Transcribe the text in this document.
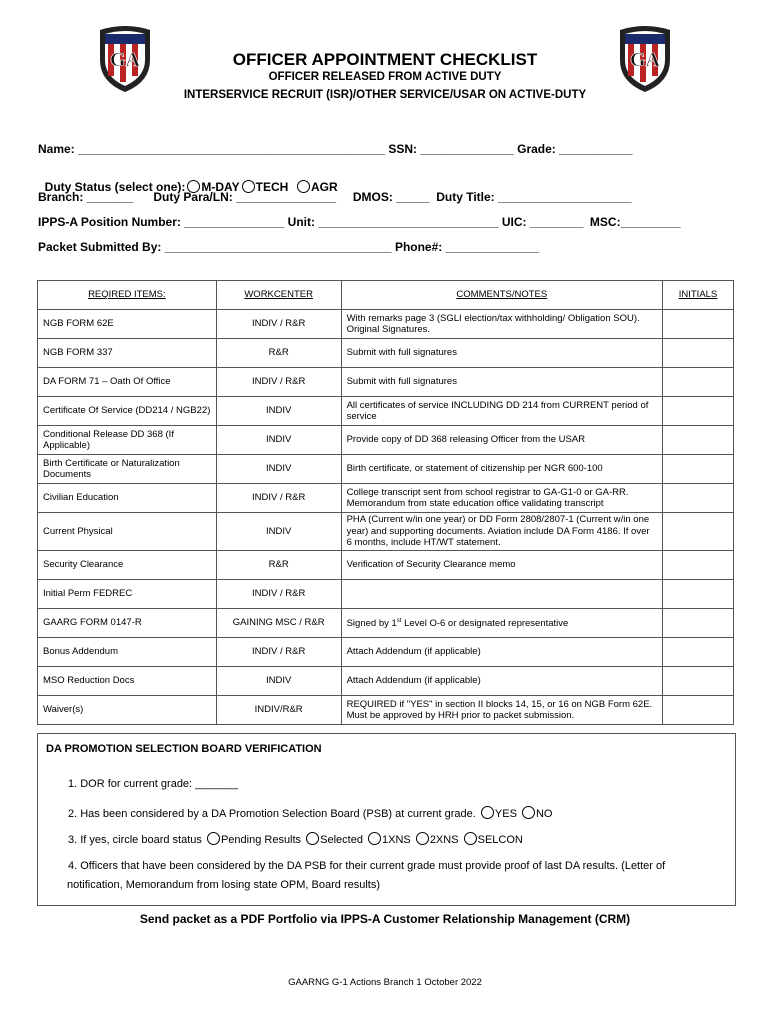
GA	GA
OFFICER APPOINTMENT CHECKLIST
OFFICER RELEASED FROM ACTIVE DUTY
INTERSERVICE RECRUIT (ISR)/OTHER SERVICE/USAR ON ACTIVE-DUTY
Name: ______________________________________________ SSN: ______________ Grade: ___________

Duty Status (select one): M-DAY TECH AGR

Branch: _______      Duty Para/LN: _______________     DMOS: _____  Duty Title: ____________________
IPPS-A Position Number: _______________ Unit: ___________________________ UIC: ________  MSC:_________
Packet Submitted By: __________________________________ Phone#: ______________
REQIRED ITEMS:	WORKCENTER	COMMENTS/NOTES	INITIALS
NGB FORM 62E	INDIV / R&R	With remarks page 3 (SGLI election/tax withholding/ Obligation SOU). Original Signatures.	
NGB FORM 337	R&R	Submit with full signatures	
DA FORM 71 – Oath Of Office	INDIV / R&R	Submit with full signatures	
Certificate Of Service (DD214 / NGB22)	INDIV	All certificates of service INCLUDING DD 214 from CURRENT period of service	
Conditional Release DD 368 (If Applicable)	INDIV	Provide copy of DD 368 releasing Officer from the USAR	
Birth Certificate or Naturalization Documents	INDIV	Birth certificate, or statement of citizenship per NGR 600-100	
Civilian Education	INDIV / R&R	College transcript sent from school registrar to GA-G1-0 or GA-RR. Memorandum from state education office validating transcript	
Current Physical	INDIV	PHA (Current w/in one year) or DD Form 2808/2807-1 (Current w/in one year) and supporting documents. Aviation include DA Form 4186. If over 6 months, include HT/WT statement.	
Security Clearance	R&R	Verification of Security Clearance memo	
Initial Perm FEDREC	INDIV / R&R		
GAARG FORM 0147-R	GAINING MSC / R&R	Signed by 1st Level O-6 or designated representative	
Bonus Addendum	INDIV / R&R	Attach Addendum (if applicable)	
MSO Reduction Docs	INDIV	Attach Addendum (if applicable)	
Waiver(s)	INDIV/R&R	REQUIRED if "YES" in section II blocks 14, 15, or 16 on NGB Form 62E. Must be approved by HRH prior to packet submission.	
DA PROMOTION SELECTION BOARD VERIFICATION
1. DOR for current grade: _______
2. Has been considered by a DA Promotion Selection Board (PSB) at current grade. YES NO
3. If yes, circle board status Pending Results Selected 1XNS 2XNS SELCON
4. Officers that have been considered by the DA PSB for their current grade must provide proof of last DA results. (Letter of
notification, Memorandum from losing state OPM, Board results)
Send packet as a PDF Portfolio via IPPS-A Customer Relationship Management (CRM)
GAARNG G-1 Actions Branch 1 October 2022
